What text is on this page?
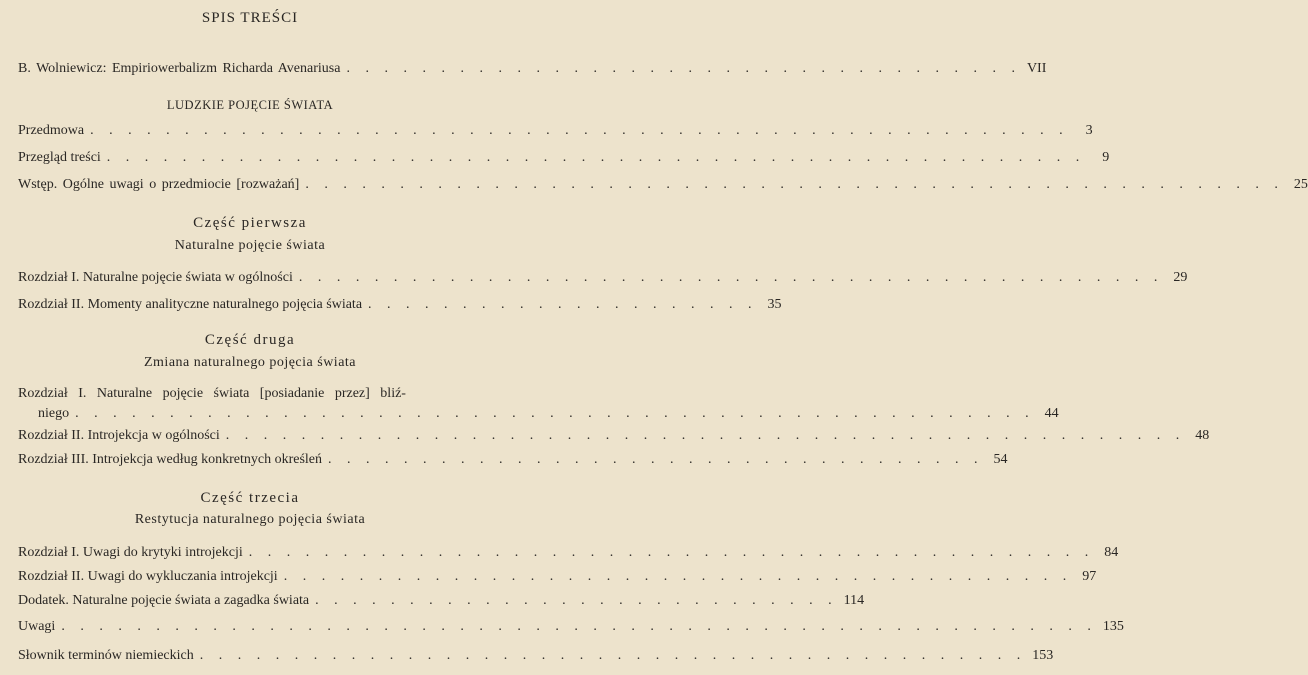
SPIS TREŚCI
B. Wolniewicz: Empiriowerbalizm Richarda Avenariusa . . . . . . . . . . . . . . . . . . . . . . . . . . . . . . . . . . . . VII
LUDZKIE POJĘCIE ŚWIATA
Przedmowa . . . . . . . . . . . . . . . . . . . . . . . . . . . . . . . . . . . . . . . . . . . . . . . . . . . .	3
Przegląd treści . . . . . . . . . . . . . . . . . . . . . . . . . . . . . . . . . . . . . . . . . . . . . . . . . . . .	9
Wstęp. Ogólne uwagi o przedmiocie [rozważań] . . . . . . . . . . . . . . . . . . . . . . . . . . . . . . . . . . . . . . . . . . . . . . . . . . . . 25
Część pierwsza
Naturalne pojęcie świata
Rozdział I. Naturalne pojęcie świata w ogólności . . . . . . . . . . . . . . . . . . . . . . . . . . . . . . . . . . . . . . . . . . . . . . 29
Rozdział II. Momenty analityczne naturalnego pojęcia świata . . . . . . . . . . . . . . . . . . . . . 35
Część druga
Zmiana naturalnego pojęcia świata
Rozdział I. Naturalne pojęcie świata [posiadanie przez] bliź-
niego . . . . . . . . . . . . . . . . . . . . . . . . . . . . . . . . . . . . . . . . . . . . . . . . . . . 44
Rozdział II. Introjekcja w ogólności . . . . . . . . . . . . . . . . . . . . . . . . . . . . . . . . . . . . . . . . . . . . . . . . . . . 48
Rozdział III. Introjekcja według konkretnych określeń . . . . . . . . . . . . . . . . . . . . . . . . . . . . . . . . . . . 54
Część trzecia
Restytucja naturalnego pojęcia świata
Rozdział I. Uwagi do krytyki introjekcji . . . . . . . . . . . . . . . . . . . . . . . . . . . . . . . . . . . . . . . . . . . . . 84
Rozdział II. Uwagi do wykluczania introjekcji . . . . . . . . . . . . . . . . . . . . . . . . . . . . . . . . . . . . . . . . . . 97
Dodatek. Naturalne pojęcie świata a zagadka świata . . . . . . . . . . . . . . . . . . . . . . . . . . . . 114
Uwagi . . . . . . . . . . . . . . . . . . . . . . . . . . . . . . . . . . . . . . . . . . . . . . . . . . . . . . . 135
Słownik terminów niemieckich . . . . . . . . . . . . . . . . . . . . . . . . . . . . . . . . . . . . . . . . . . . . 153
